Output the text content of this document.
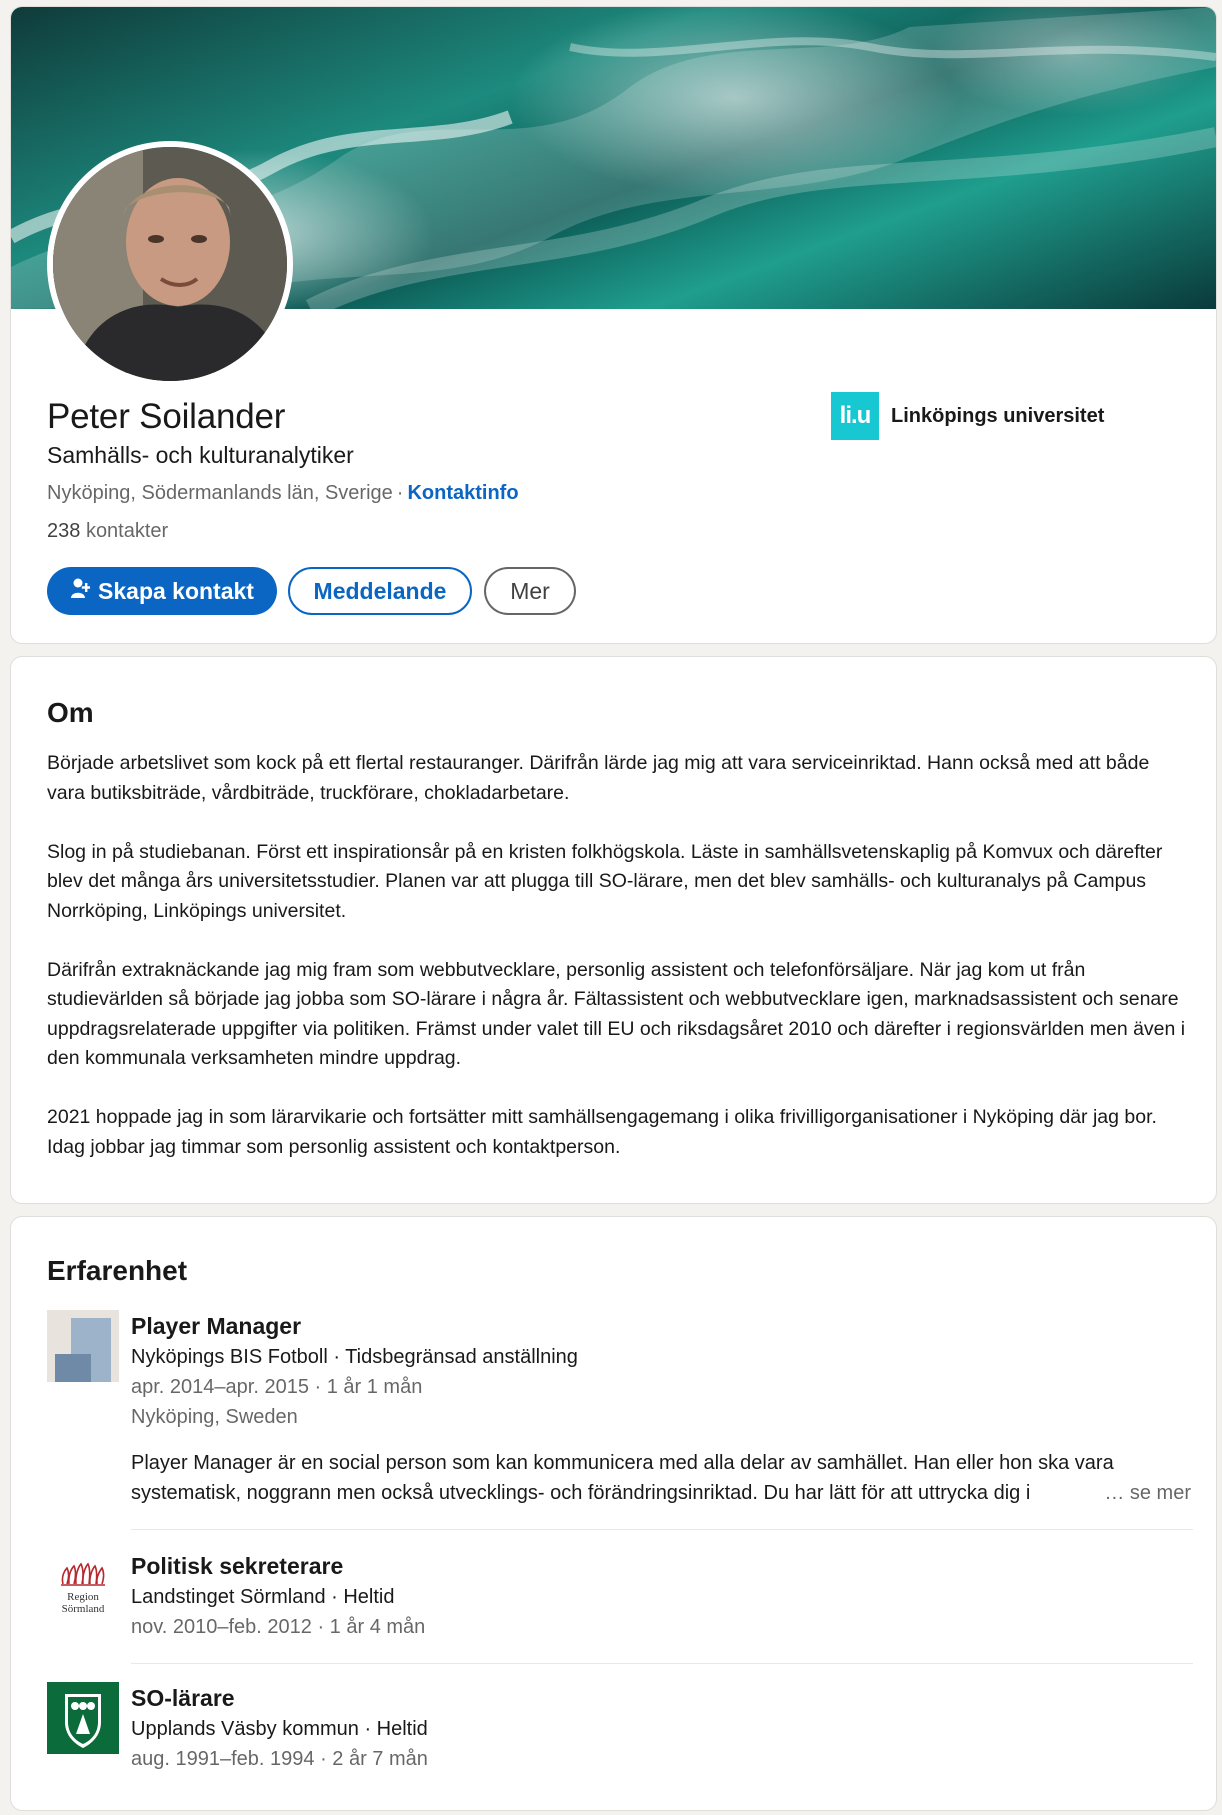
Peter Soilander
Samhälls- och kulturanalytiker
Nyköping, Södermanlands län, Sverige · Kontaktinfo
238 kontakter
Skapa kontakt	Meddelande	Mer
li.u	Linköpings universitet
Om

Började arbetslivet som kock på ett flertal restauranger. Därifrån lärde jag mig att vara serviceinriktad. Hann också med att både vara butiksbiträde, vårdbiträde, truckförare, chokladarbetare.

Slog in på studiebanan. Först ett inspirationsår på en kristen folkhögskola. Läste in samhällsvetenskaplig på Komvux och därefter blev det många års universitetsstudier. Planen var att plugga till SO-lärare, men det blev samhälls- och kulturanalys på Campus Norrköping, Linköpings universitet.

Därifrån extraknäckande jag mig fram som webbutvecklare, personlig assistent och telefonförsäljare. När jag kom ut från studievärlden så började jag jobba som SO-lärare i några år. Fältassistent och webbutvecklare igen, marknadsassistent och senare uppdragsrelaterade uppgifter via politiken. Främst under valet till EU och riksdagsåret 2010 och därefter i regionsvärlden men även i den kommunala verksamheten mindre uppdrag.

2021 hoppade jag in som lärarvikarie och fortsätter mitt samhällsengagemang i olika frivilligorganisationer i Nyköping där jag bor. Idag jobbar jag timmar som personlig assistent och kontaktperson.

Erfarenhet
Player Manager
Nyköpings BIS Fotboll · Tidsbegränsad anställning
apr. 2014–apr. 2015 · 1 år 1 mån
Nyköping, Sweden
Player Manager är en social person som kan kommunicera med alla delar av samhället. Han eller hon ska vara systematisk, noggrann men också utvecklings- och förändringsinriktad. Du har lätt för att uttrycka dig i	… se mer
Region
Sörmland
Politisk sekreterare
Landstinget Sörmland · Heltid
nov. 2010–feb. 2012 · 1 år 4 mån
SO-lärare
Upplands Väsby kommun · Heltid
aug. 1991–feb. 1994 · 2 år 7 mån
